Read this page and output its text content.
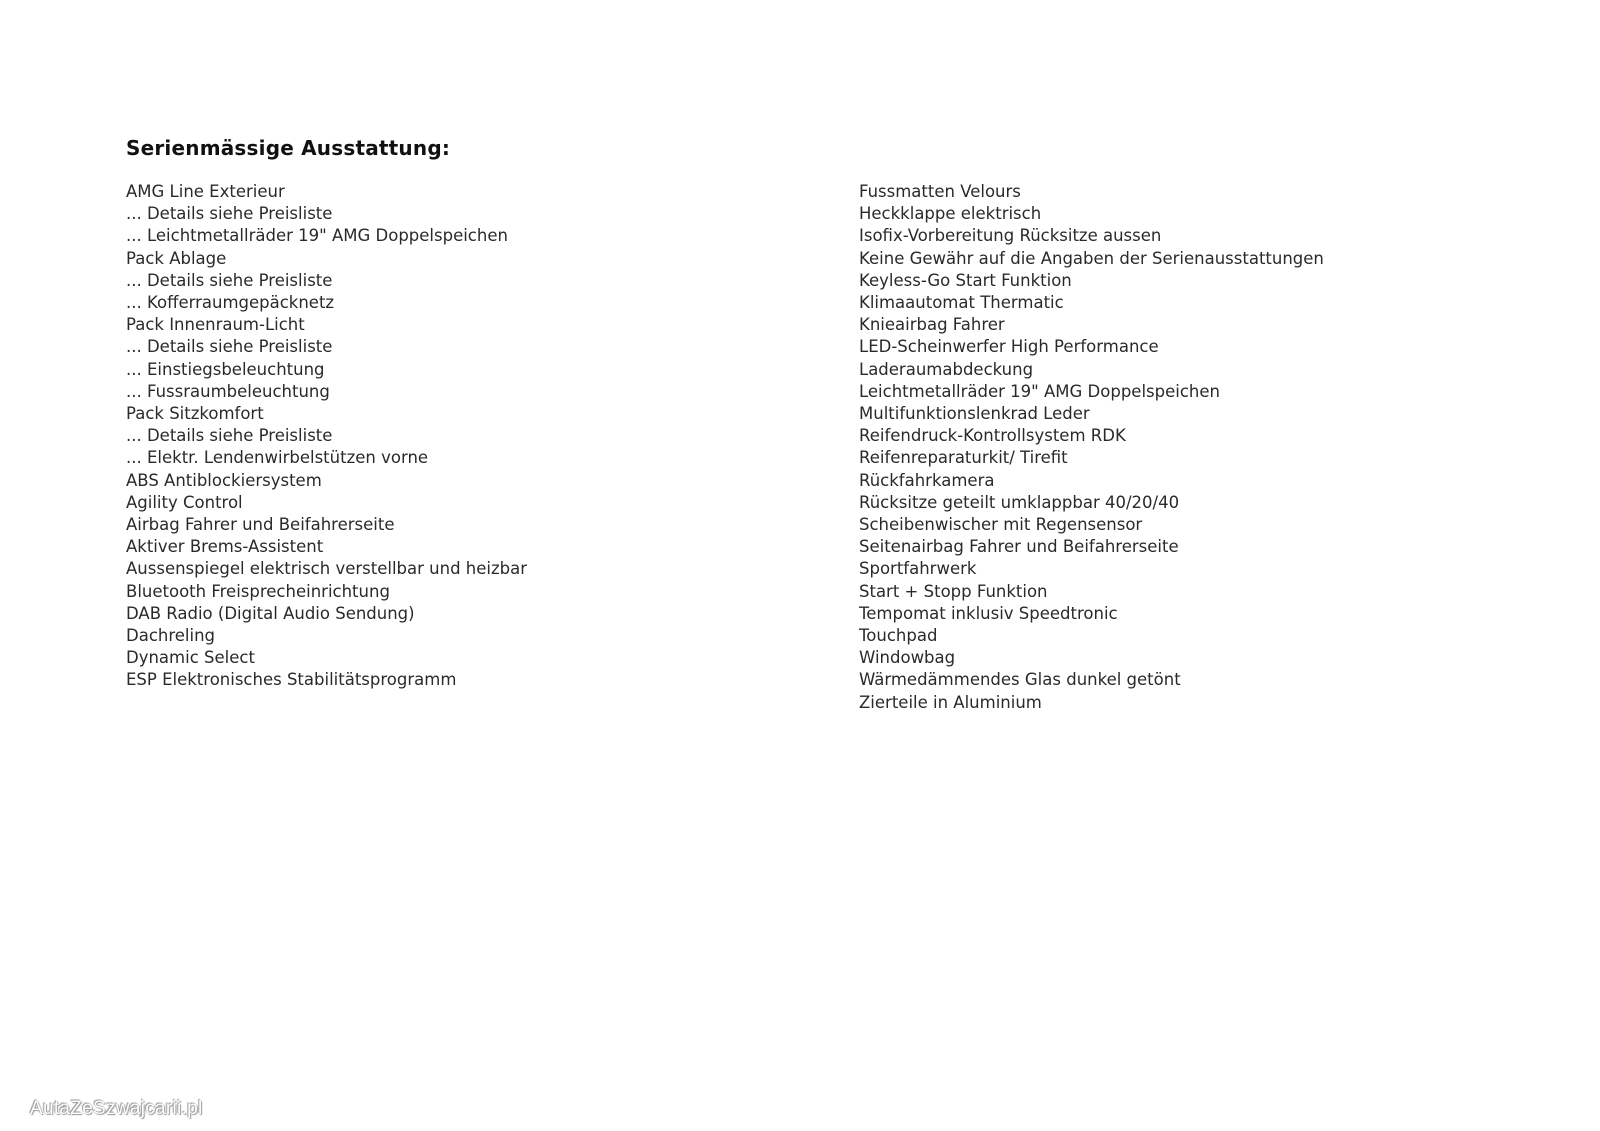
Serienmässige Ausstattung:
AMG Line Exterieur
... Details siehe Preisliste
... Leichtmetallräder 19" AMG Doppelspeichen
Pack Ablage
... Details siehe Preisliste
... Kofferraumgepäcknetz
Pack Innenraum-Licht
... Details siehe Preisliste
... Einstiegsbeleuchtung
... Fussraumbeleuchtung
Pack Sitzkomfort
... Details siehe Preisliste
... Elektr. Lendenwirbelstützen vorne
ABS Antiblockiersystem
Agility Control
Airbag Fahrer und Beifahrerseite
Aktiver Brems-Assistent
Aussenspiegel elektrisch verstellbar und heizbar
Bluetooth Freisprecheinrichtung
DAB Radio (Digital Audio Sendung)
Dachreling
Dynamic Select
ESP Elektronisches Stabilitätsprogramm
Fussmatten Velours
Heckklappe elektrisch
Isofix-Vorbereitung Rücksitze aussen
Keine Gewähr auf die Angaben der Serienausstattungen
Keyless-Go Start Funktion
Klimaautomat Thermatic
Knieairbag Fahrer
LED-Scheinwerfer High Performance
Laderaumabdeckung
Leichtmetallräder 19" AMG Doppelspeichen
Multifunktionslenkrad Leder
Reifendruck-Kontrollsystem RDK
Reifenreparaturkit/ Tirefit
Rückfahrkamera
Rücksitze geteilt umklappbar 40/20/40
Scheibenwischer mit Regensensor
Seitenairbag Fahrer und Beifahrerseite
Sportfahrwerk
Start + Stopp Funktion
Tempomat inklusiv Speedtronic
Touchpad
Windowbag
Wärmedämmendes Glas dunkel getönt
Zierteile in Aluminium
AutaZeSzwajcarii.pl
